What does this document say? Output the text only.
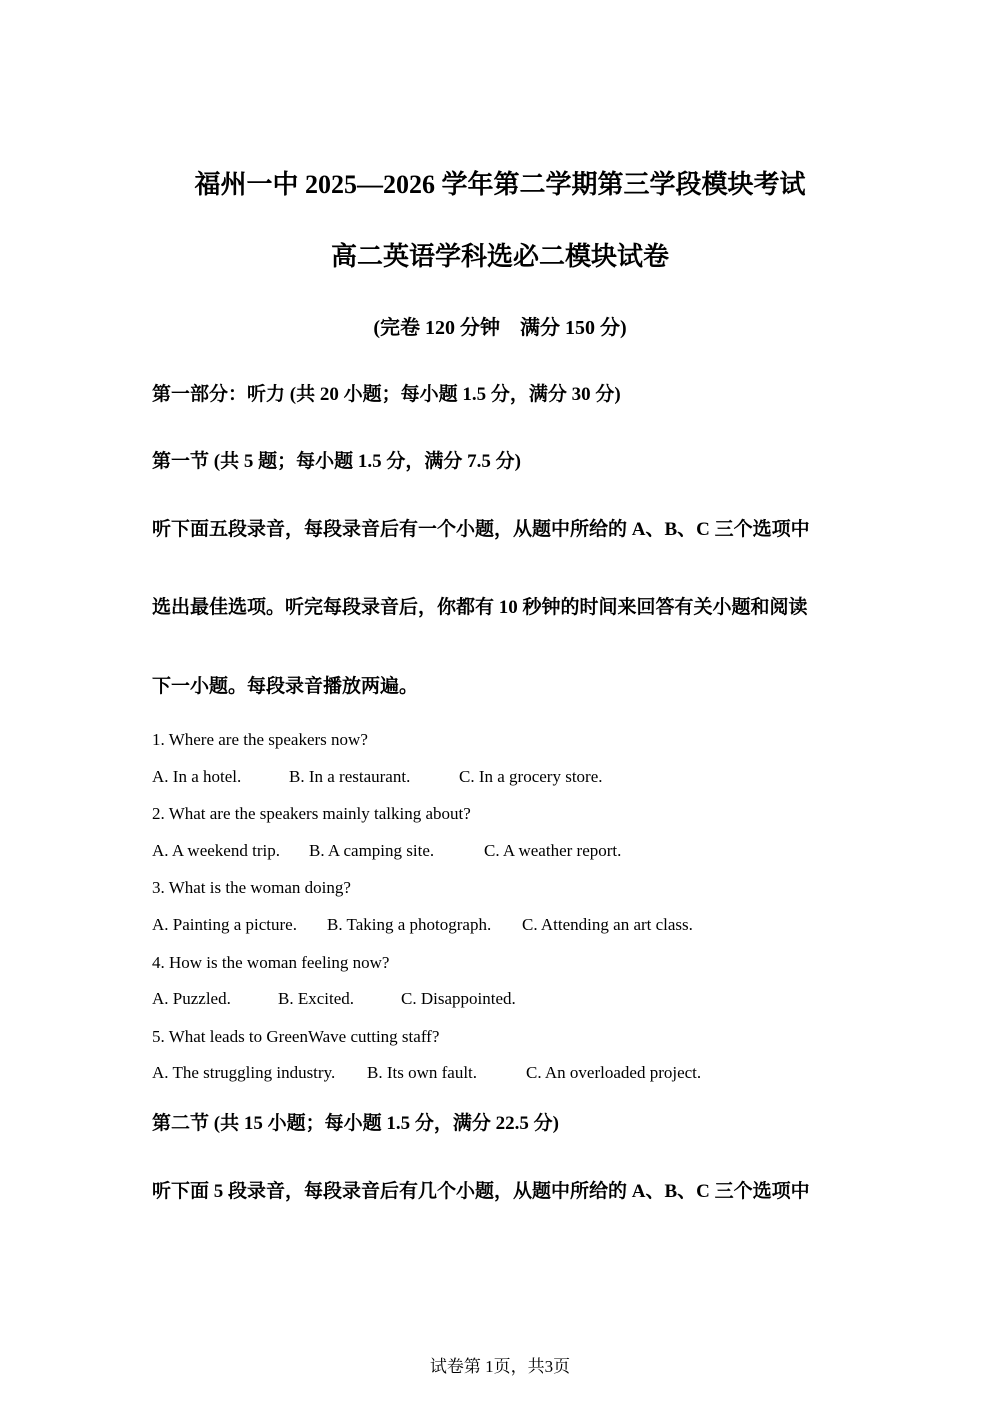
福州一中 2025—2026 学年第二学期第三学段模块考试
高二英语学科选必二模块试卷
(完卷 120 分钟　满分 150 分)
第一部分：听力 (共 20 小题；每小题 1.5 分，满分 30 分)
第一节 (共 5 题；每小题 1.5 分，满分 7.5 分)
听下面五段录音，每段录音后有一个小题，从题中所给的 A、B、C 三个选项中
选出最佳选项。听完每段录音后，你都有 10 秒钟的时间来回答有关小题和阅读
下一小题。每段录音播放两遍。
1. Where are the speakers now?
A. In a hotel.	B. In a restaurant.	C. In a grocery store.
2. What are the speakers mainly talking about?
A. A weekend trip. B. A camping site.	C. A weather report.
3. What is the woman doing?
A. Painting a picture. B. Taking a photograph. C. Attending an art class.
4. How is the woman feeling now?
A. Puzzled.	B. Excited.	C. Disappointed.
5. What leads to GreenWave cutting staff?
A. The struggling industry. B. Its own fault.	C. An overloaded project.
第二节 (共 15 小题；每小题 1.5 分，满分 22.5 分)
听下面 5 段录音，每段录音后有几个小题，从题中所给的 A、B、C 三个选项中
试卷第 1页，共3页
